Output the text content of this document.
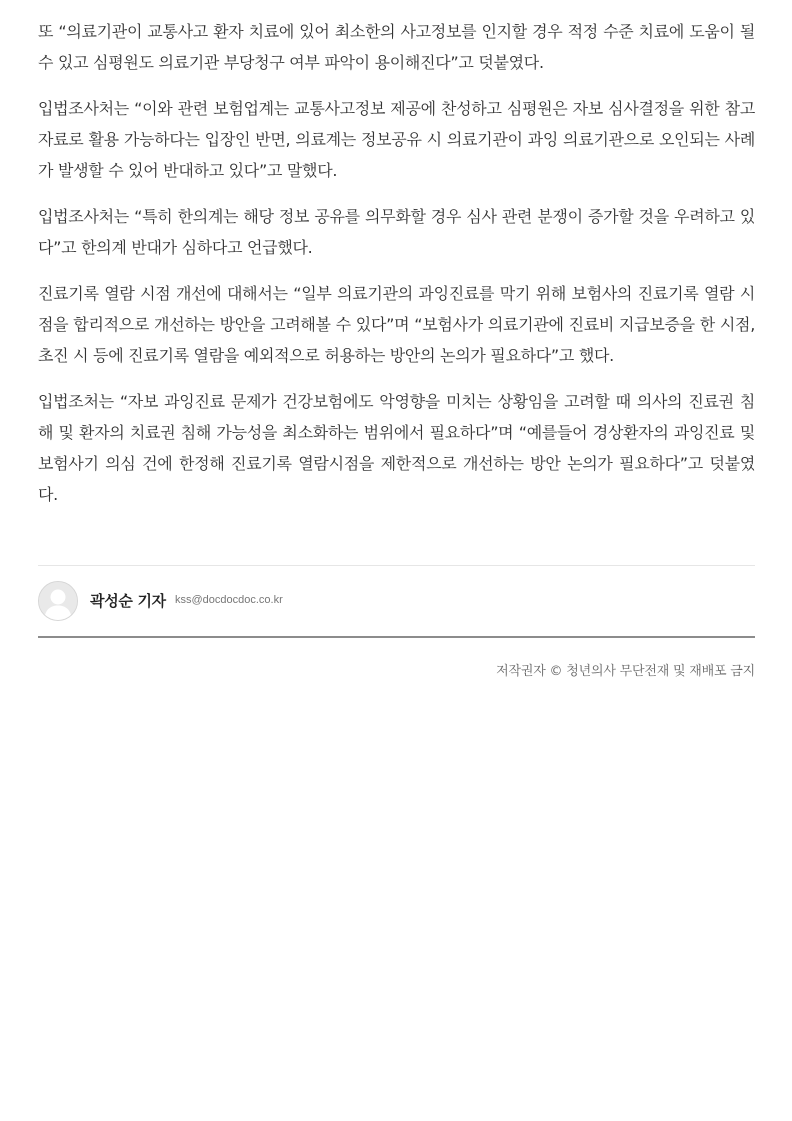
또 “의료기관이 교통사고 환자 치료에 있어 최소한의 사고정보를 인지할 경우 적정 수준 치료에 도움이 될 수 있고 심평원도 의료기관 부당청구 여부 파악이 용이해진다”고 덧붙였다.

입법조사처는 “이와 관련 보험업계는 교통사고정보 제공에 찬성하고 심평원은 자보 심사결정을 위한 참고자료로 활용 가능하다는 입장인 반면, 의료계는 정보공유 시 의료기관이 과잉 의료기관으로 오인되는 사례가 발생할 수 있어 반대하고 있다”고 말했다.

입법조사처는 “특히 한의계는 해당 정보 공유를 의무화할 경우 심사 관련 분쟁이 증가할 것을 우려하고 있다”고 한의계 반대가 심하다고 언급했다.

진료기록 열람 시점 개선에 대해서는 “일부 의료기관의 과잉진료를 막기 위해 보험사의 진료기록 열람 시점을 합리적으로 개선하는 방안을 고려해볼 수 있다”며 “보험사가 의료기관에 진료비 지급보증을 한 시점, 초진 시 등에 진료기록 열람을 예외적으로 허용하는 방안의 논의가 필요하다”고 했다.

입법조처는 “자보 과잉진료 문제가 건강보험에도 악영향을 미치는 상황임을 고려할 때 의사의 진료권 침해 및 환자의 치료권 침해 가능성을 최소화하는 범위에서 필요하다”며 “예를들어 경상환자의 과잉진료 및 보험사기 의심 건에 한정해 진료기록 열람시점을 제한적으로 개선하는 방안 논의가 필요하다”고 덧붙였다.

곽성순 기자 kss@docdocdoc.co.kr
저작권자 © 청년의사 무단전재 및 재배포 금지
